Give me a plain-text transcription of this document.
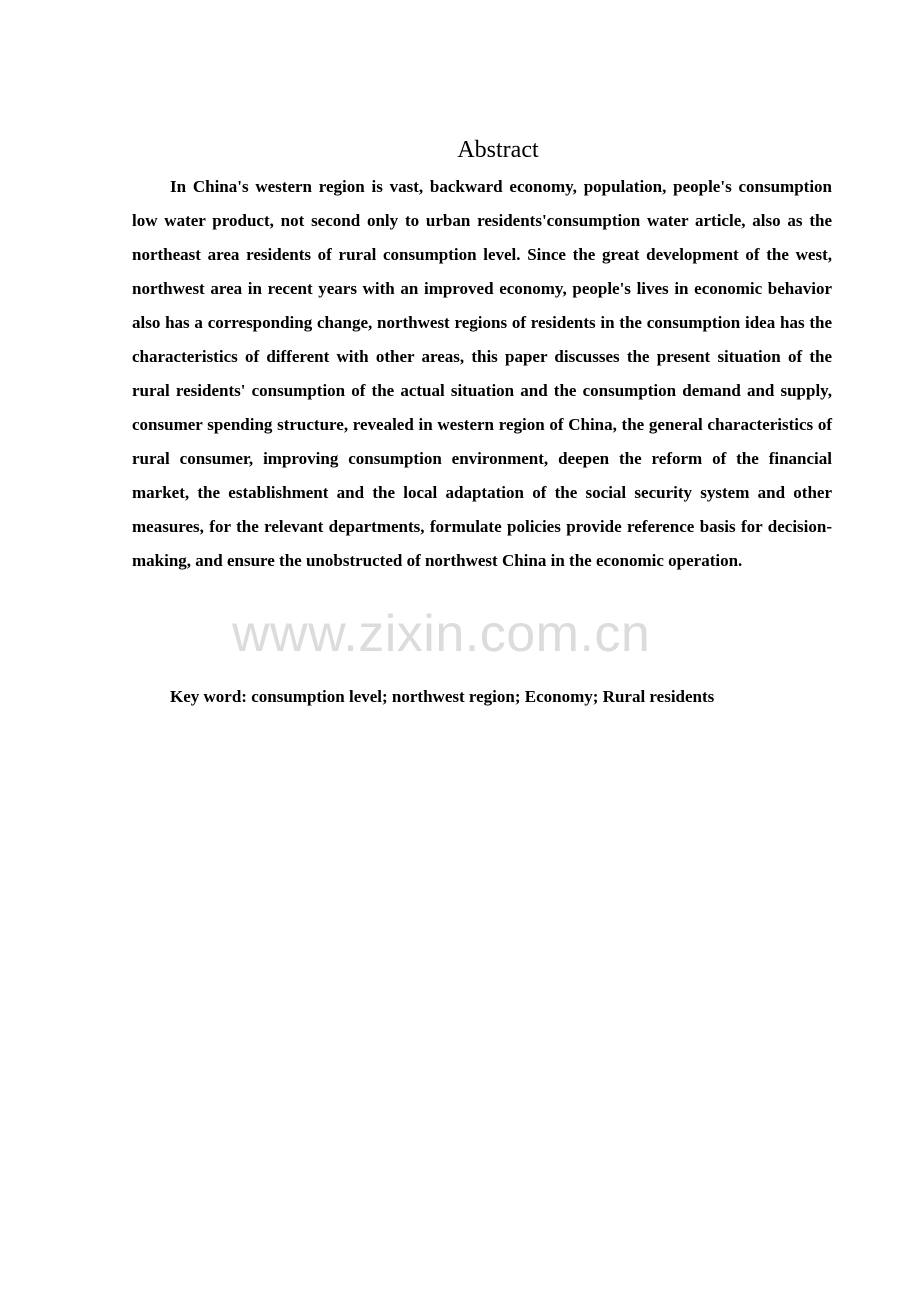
Abstract

In China's western region is vast, backward economy, population, people's consumption low water product, not second only to urban residents'consumption water article, also as the northeast area residents of rural consumption level. Since the great development of the west, northwest area in recent years with an improved economy, people's lives in economic behavior also has a corresponding change, northwest regions of residents in the consumption idea has the characteristics of different with other areas, this paper discusses the present situation of the rural residents' consumption of the actual situation and the consumption demand and supply, consumer spending structure, revealed in western region of China, the general characteristics of rural consumer, improving consumption environment, deepen the reform of the financial market, the establishment and the local adaptation of the social security system and other measures, for the relevant departments, formulate policies provide reference basis for decision-making, and ensure the unobstructed of northwest China in the economic operation.

www.zixin.com.cn

Key word: consumption level; northwest region; Economy; Rural residents
